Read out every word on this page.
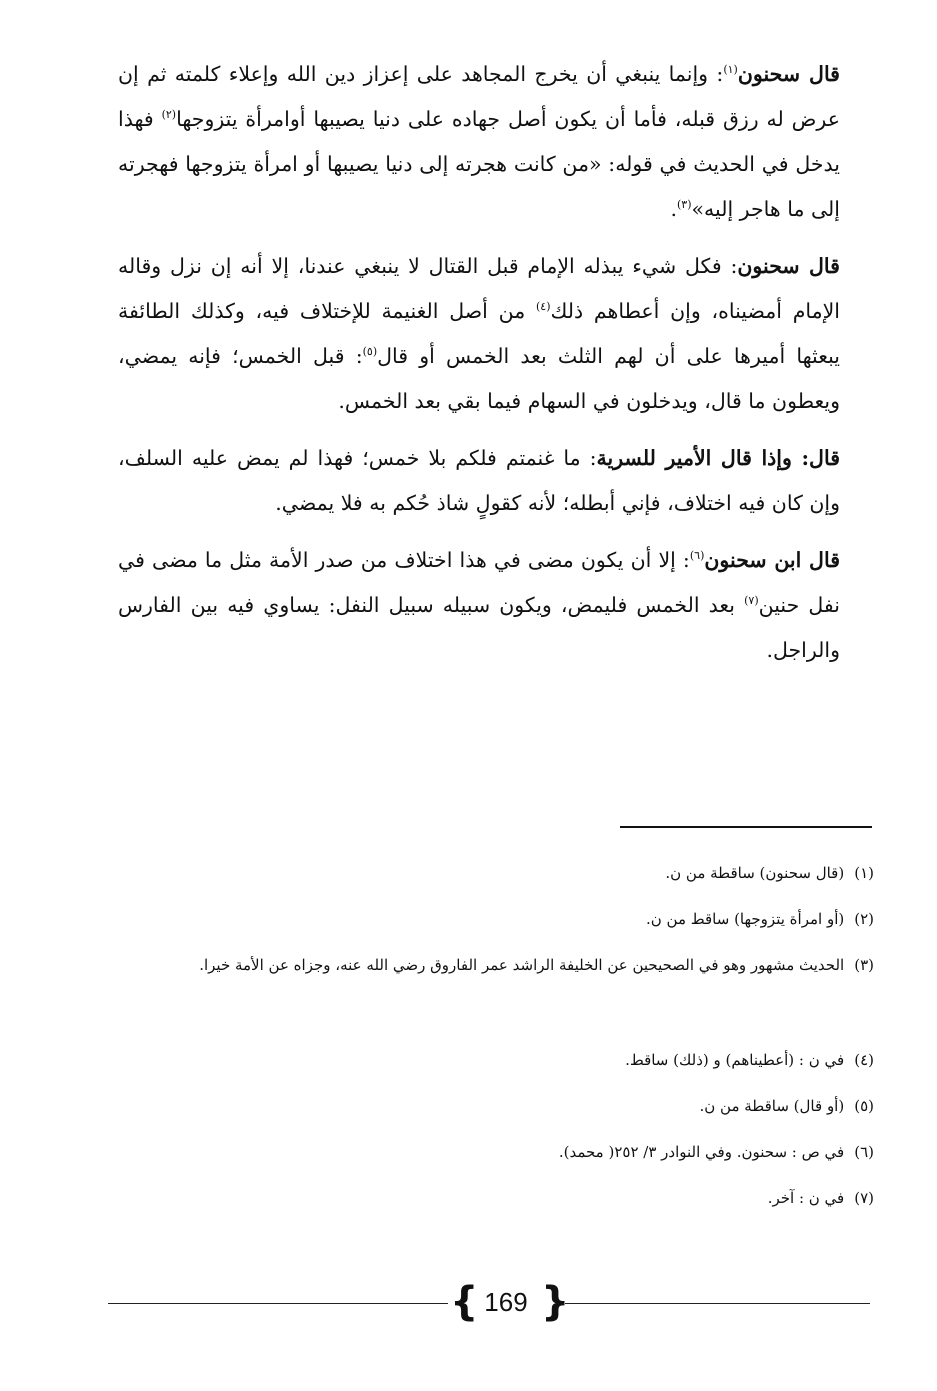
قال سحنون$^{(١)}$: وإنما ينبغي أن يخرج المجاهد على إعزاز دين الله وإعلاء كلمته ثم إن عرض له رزق قبله، فأما أن يكون أصل جهاده على دنيا يصيبها أوامرأة يتزوجها$^{(٢)}$ فهذا يدخل في الحديث في قوله: «من كانت هجرته إلى دنيا يصيبها أو امرأة يتزوجها فهجرته إلى ما هاجر إليه»$^{(٣)}$.

قال سحنون: فكل شيء يبذله الإمام قبل القتال لا ينبغي عندنا، إلا أنه إن نزل وقاله الإمام أمضيناه، وإن أعطاهم ذلك$^{(٤)}$ من أصل الغنيمة للإختلاف فيه، وكذلك الطائفة يبعثها أميرها على أن لهم الثلث بعد الخمس أو قال$^{(٥)}$: قبل الخمس؛ فإنه يمضي، ويعطون ما قال، ويدخلون في السهام فيما بقي بعد الخمس.

قال: وإذا قال الأمير للسرية: ما غنمتم فلكم بلا خمس؛ فهذا لم يمض عليه السلف، وإن كان فيه اختلاف، فإني أبطله؛ لأنه كقولٍ شاذ حُكم به فلا يمضي.

قال ابن سحنون$^{(٦)}$: إلا أن يكون مضى في هذا اختلاف من صدر الأمة مثل ما مضى في نفل حنين$^{(٧)}$ بعد الخمس فليمض، ويكون سبيله سبيل النفل: يساوي فيه بين الفارس والراجل.

(١)(قال سحنون) ساقطة من ن.

(٢)(أو امرأة يتزوجها) ساقط من ن.

(٣)الحديث مشهور وهو في الصحيحين عن الخليفة الراشد عمر الفاروق رضي الله عنه، وجزاه عن الأمة خيرا.

(٤)في ن : (أعطيناهم) و (ذلك) ساقط.

(٥)(أو قال) ساقطة من ن.

(٦)في ص : سحنون. وفي النوادر ٣/ ٢٥٢( محمد).

(٧)في ن : آخر.

{ 169 }
